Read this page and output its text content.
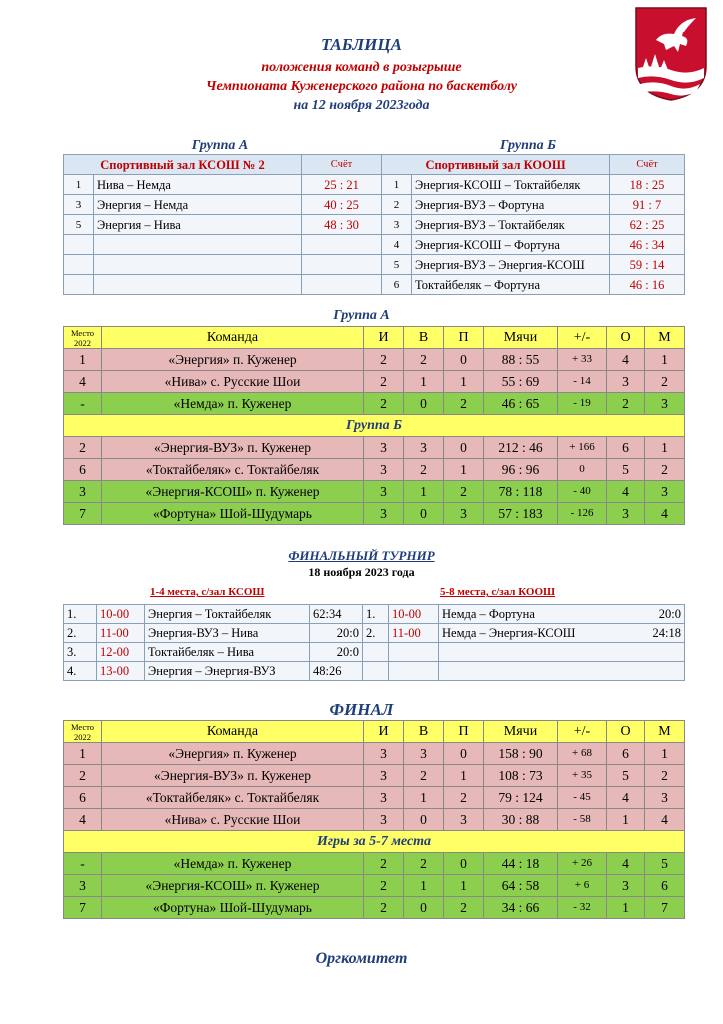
ТАБЛИЦА
положения команд в розыгрыше
Чемпионата Куженерского района по баскетболу
на 12 ноября 2023года
Группа А	Группа Б
Спортивный зал КСОШ № 2		Счёт
1	Нива – Немда	25 : 21
3	Энергия – Немда	40 : 25
5	Энергия – Нива	48 : 30

Спортивный зал КООШ		Счёт
1	Энергия-КСОШ – Токтайбеляк	18 : 25
2	Энергия-ВУЗ – Фортуна	91 : 7
3	Энергия-ВУЗ – Токтайбеляк	62 : 25
4	Энергия-КСОШ – Фортуна	46 : 34
5	Энергия-ВУЗ – Энергия-КСОШ	59 : 14
6	Токтайбеляк – Фортуна	46 : 16
Группа А
Место 2022	Команда	И	В	П	Мячи	+/-	О	М
1	«Энергия» п. Куженер	2	2	0	88 : 55	+ 33	4	1
4	«Нива» с. Русские Шои	2	1	1	55 : 69	- 14	3	2
-	«Немда» п. Куженер	2	0	2	46 : 65	- 19	2	3
Группа Б								
2	«Энергия-ВУЗ» п. Куженер	3	3	0	212 : 46	+ 166	6	1
6	«Токтайбеляк» с. Токтайбеляк	3	2	1	96 : 96	0	5	2
3	«Энергия-КСОШ» п. Куженер	3	1	2	78 : 118	- 40	4	3
7	«Фортуна» Шой-Шудумарь	3	0	3	57 : 183	- 126	3	4
ФИНАЛЬНЫЙ ТУРНИР
18 ноября 2023 года
1-4 места, с/зал КСОШ	5-8 места, с/зал КООШ
1.	10-00	Энергия – Токтайбеляк	62:34
2.	11-00	Энергия-ВУЗ – Нива	20:0
3.	12-00	Токтайбеляк – Нива	20:0
4.	13-00	Энергия – Энергия-ВУЗ	48:26
1.	10-00	Немда – Фортуна 20:0

2.	11-00	Немда – Энергия-КСОШ 24:18

ФИНАЛ
Место 2022	Команда	И	В	П	Мячи	+/-	О	М
1	«Энергия» п. Куженер	3	3	0	158 : 90	+ 68	6	1
2	«Энергия-ВУЗ» п. Куженер	3	2	1	108 : 73	+ 35	5	2
6	«Токтайбеляк» с. Токтайбеляк	3	1	2	79 : 124	- 45	4	3
4	«Нива» с. Русские Шои	3	0	3	30 : 88	- 58	1	4
Игры за 5-7 места								
-	«Немда» п. Куженер	2	2	0	44 : 18	+ 26	4	5
3	«Энергия-КСОШ» п. Куженер	2	1	1	64 : 58	+ 6	3	6
7	«Фортуна» Шой-Шудумарь	2	0	2	34 : 66	- 32	1	7
Оргкомитет
